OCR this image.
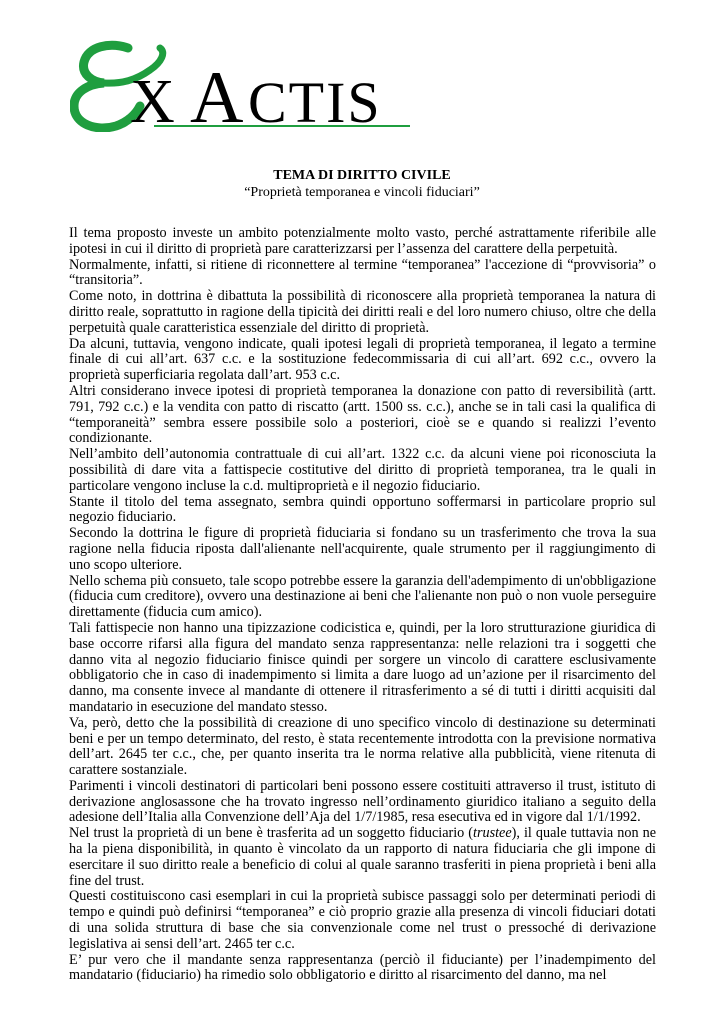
X A CTIS
TEMA DI DIRITTO CIVILE
“Proprietà temporanea e vincoli fiduciari”

Il tema proposto investe un ambito potenzialmente molto vasto, perché astrattamente riferibile alle ipotesi in cui il diritto di proprietà pare caratterizzarsi per l’assenza del carattere della perpetuità.

Normalmente, infatti, si ritiene di riconnettere al termine “temporanea” l'accezione di “provvisoria” o “transitoria”.

Come noto, in dottrina è dibattuta la possibilità di riconoscere alla proprietà temporanea la natura di diritto reale, soprattutto in ragione della tipicità dei diritti reali e del loro numero chiuso, oltre che della perpetuità quale caratteristica essenziale del diritto di proprietà.

Da alcuni, tuttavia, vengono indicate, quali ipotesi legali di proprietà temporanea, il legato a termine finale di cui all’art. 637 c.c. e la sostituzione fedecommissaria di cui all’art. 692 c.c., ovvero la proprietà superficiaria regolata dall’art. 953 c.c.

Altri considerano invece ipotesi di proprietà temporanea la donazione con patto di reversibilità (artt. 791, 792 c.c.) e la vendita con patto di riscatto (artt. 1500 ss. c.c.), anche se in tali casi la qualifica di “temporaneità” sembra essere possibile solo a posteriori, cioè se e quando si realizzi l’evento condizionante.

Nell’ambito dell’autonomia contrattuale di cui all’art. 1322 c.c. da alcuni viene poi riconosciuta la possibilità di dare vita a fattispecie costitutive del diritto di proprietà temporanea, tra le quali in particolare vengono incluse la c.d. multiproprietà e il negozio fiduciario.

Stante il titolo del tema assegnato, sembra quindi opportuno soffermarsi in particolare proprio sul negozio fiduciario.

Secondo la dottrina le figure di proprietà fiduciaria si fondano su un trasferimento che trova la sua ragione nella fiducia riposta dall'alienante nell'acquirente, quale strumento per il raggiungimento di uno scopo ulteriore.

Nello schema più consueto, tale scopo potrebbe essere la garanzia dell'adempimento di un'obbligazione (fiducia cum creditore), ovvero una destinazione ai beni che l'alienante non può o non vuole perseguire direttamente (fiducia cum amico).

Tali fattispecie non hanno una tipizzazione codicistica e, quindi, per la loro strutturazione giuridica di base occorre rifarsi alla figura del mandato senza rappresentanza: nelle relazioni tra i soggetti che danno vita al negozio fiduciario finisce quindi per sorgere un vincolo di carattere esclusivamente obbligatorio che in caso di inadempimento si limita a dare luogo ad un’azione per il risarcimento del danno, ma consente invece al mandante di ottenere il ritrasferimento a sé di tutti i diritti acquisiti dal mandatario in esecuzione del mandato stesso.

Va, però, detto che la possibilità di creazione di uno specifico vincolo di destinazione su determinati beni e per un tempo determinato, del resto, è stata recentemente introdotta con la previsione normativa dell’art. 2645 ter c.c., che, per quanto inserita tra le norma relative alla pubblicità, viene ritenuta di carattere sostanziale.

Parimenti i vincoli destinatori di particolari beni possono essere costituiti attraverso il trust, istituto di derivazione anglosassone che ha trovato ingresso nell’ordinamento giuridico italiano a seguito della adesione dell’Italia alla Convenzione dell’Aja del 1/7/1985, resa esecutiva ed in vigore dal 1/1/1992.

Nel trust la proprietà di un bene è trasferita ad un soggetto fiduciario (trustee), il quale tuttavia non ne ha la piena disponibilità, in quanto è vincolato da un rapporto di natura fiduciaria che gli impone di esercitare il suo diritto reale a beneficio di colui al quale saranno trasferiti in piena proprietà i beni alla fine del trust.

Questi costituiscono casi esemplari in cui la proprietà subisce passaggi solo per determinati periodi di tempo e quindi può definirsi “temporanea” e ciò proprio grazie alla presenza di vincoli fiduciari dotati di una solida struttura di base che sia convenzionale come nel trust o pressoché di derivazione legislativa ai sensi dell’art. 2465 ter c.c.

E’ pur vero che il mandante senza rappresentanza (perciò il fiduciante) per l’inadempimento del mandatario (fiduciario) ha rimedio solo obbligatorio e diritto al risarcimento del danno, ma nel
